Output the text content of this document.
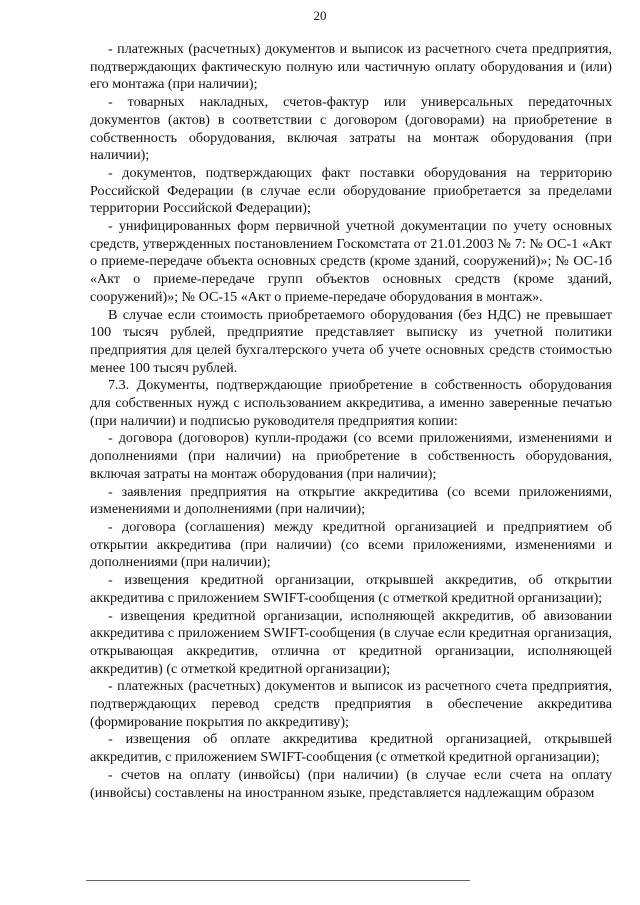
20

- платежных (расчетных) документов и выписок из расчетного счета предприятия, подтверждающих фактическую полную или частичную оплату оборудования и (или) его монтажа (при наличии);

- товарных накладных, счетов-фактур или универсальных передаточных документов (актов) в соответствии с договором (договорами) на приобретение в собственность оборудования, включая затраты на монтаж оборудования (при наличии);

- документов, подтверждающих факт поставки оборудования на территорию Российской Федерации (в случае если оборудование приобретается за пределами территории Российской Федерации);

- унифицированных форм первичной учетной документации по учету основных средств, утвержденных постановлением Госкомстата от 21.01.2003 № 7: № ОС-1 «Акт о приеме-передаче объекта основных средств (кроме зданий, сооружений)»; № ОС-1б «Акт о приеме-передаче групп объектов основных средств (кроме зданий, сооружений)»; № ОС-15 «Акт о приеме-передаче оборудования в монтаж».

В случае если стоимость приобретаемого оборудования (без НДС) не превышает 100 тысяч рублей, предприятие представляет выписку из учетной политики предприятия для целей бухгалтерского учета об учете основных средств стоимостью менее 100 тысяч рублей.

7.3. Документы, подтверждающие приобретение в собственность оборудования для собственных нужд с использованием аккредитива, а именно заверенные печатью (при наличии) и подписью руководителя предприятия копии:

- договора (договоров) купли-продажи (со всеми приложениями, изменениями и дополнениями (при наличии) на приобретение в собственность оборудования, включая затраты на монтаж оборудования (при наличии);

- заявления предприятия на открытие аккредитива (со всеми приложениями, изменениями и дополнениями (при наличии);

- договора (соглашения) между кредитной организацией и предприятием об открытии аккредитива (при наличии) (со всеми приложениями, изменениями и дополнениями (при наличии);

- извещения кредитной организации, открывшей аккредитив, об открытии аккредитива с приложением SWIFT-сообщения (с отметкой кредитной организации);

- извещения кредитной организации, исполняющей аккредитив, об авизовании аккредитива с приложением SWIFT-сообщения (в случае если кредитная организация, открывающая аккредитив, отлична от кредитной организации, исполняющей аккредитив) (с отметкой кредитной организации);

- платежных (расчетных) документов и выписок из расчетного счета предприятия, подтверждающих перевод средств предприятия в обеспечение аккредитива (формирование покрытия по аккредитиву);

- извещения об оплате аккредитива кредитной организацией, открывшей аккредитив, с приложением SWIFT-сообщения (с отметкой кредитной организации);

- счетов на оплату (инвойсы) (при наличии) (в случае если счета на оплату (инвойсы) составлены на иностранном языке, представляется надлежащим образом
